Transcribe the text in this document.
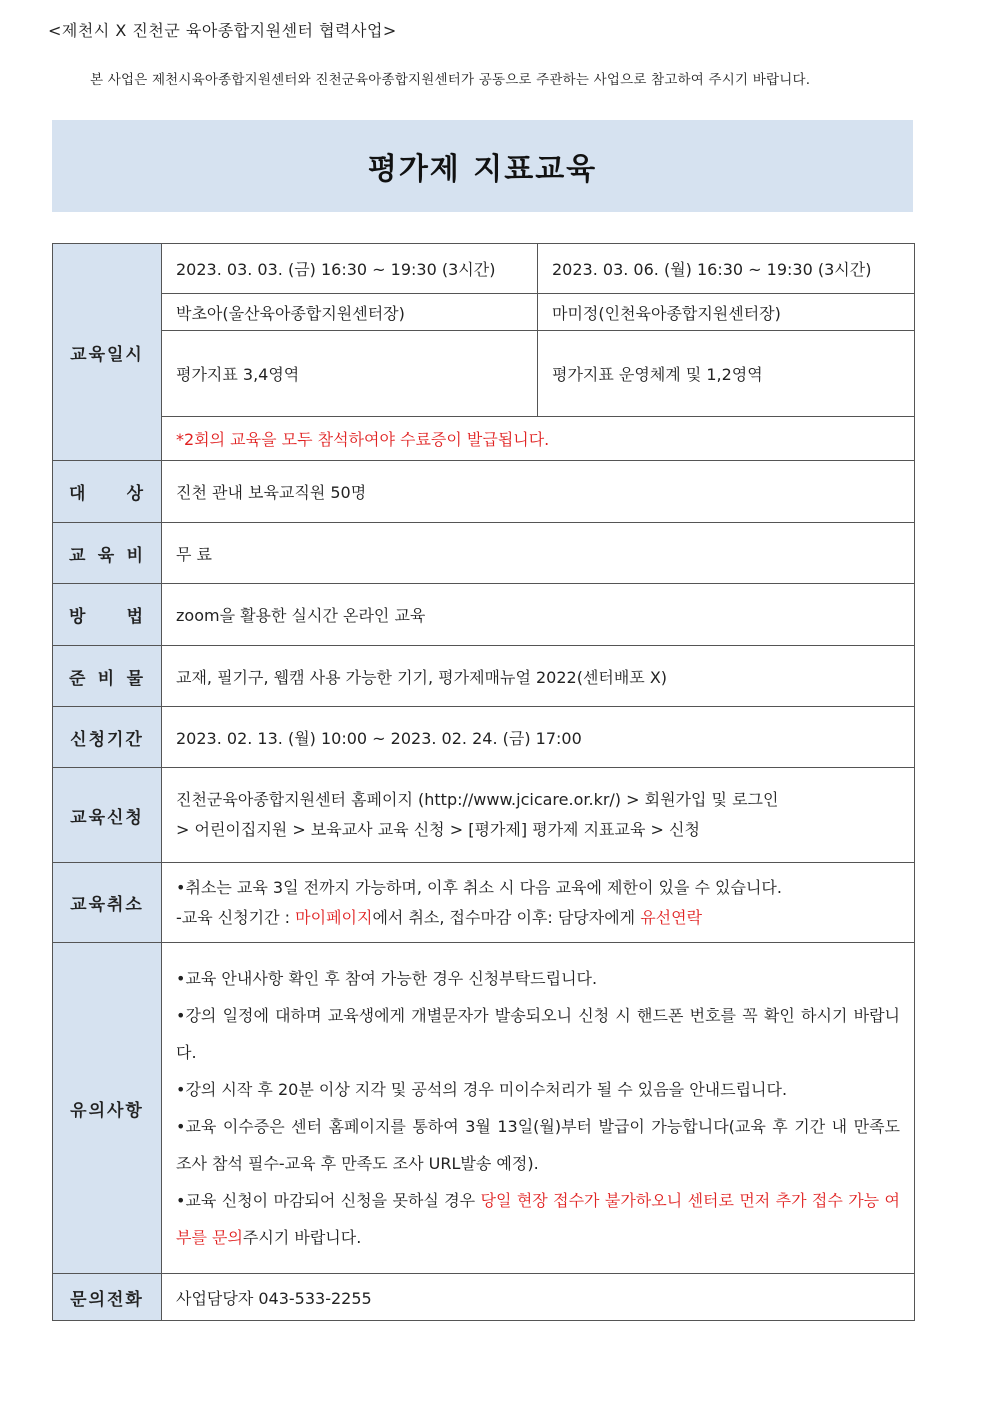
<제천시 X 진천군 육아종합지원센터 협력사업>
본 사업은 제천시육아종합지원센터와 진천군육아종합지원센터가 공동으로 주관하는 사업으로 참고하여 주시기 바랍니다.
평가제 지표교육
교육일시	2023. 03. 03. (금) 16:30 ~ 19:30 (3시간)	2023. 03. 06. (월) 16:30 ~ 19:30 (3시간)
	박초아(울산육아종합지원센터장)	마미정(인천육아종합지원센터장)
	평가지표 3,4영역	평가지표 운영체계 및 1,2영역
	*2회의 교육을 모두 참석하여야 수료증이 발급됩니다.	
대 상	진천 관내 보육교직원 50명	
교 육 비	무 료	
방 법	zoom을 활용한 실시간 온라인 교육	
준 비 물	교재, 필기구, 웹캠 사용 가능한 기기, 평가제매뉴얼 2022(센터배포 X)	
신청기간	2023. 02. 13. (월) 10:00 ~ 2023. 02. 24. (금) 17:00	
교육신청	진천군육아종합지원센터 홈페이지 (http://www.jcicare.or.kr/) > 회원가입 및 로그인
> 어린이집지원 > 보육교사 교육 신청 > [평가제] 평가제 지표교육 > 신청	

교육취소	•취소는 교육 3일 전까지 가능하며, 이후 취소 시 다음 교육에 제한이 있을 수 있습니다.
-교육 신청기간 : 마이페이지에서 취소, 접수마감 이후: 담당자에게 유선연락	

유의사항	•교육 안내사항 확인 후 참여 가능한 경우 신청부탁드립니다.
•강의 일정에 대하며 교육생에게 개별문자가 발송되오니 신청 시 핸드폰 번호를 꼭 확인 하시기 바랍니다.
•강의 시작 후 20분 이상 지각 및 공석의 경우 미이수처리가 될 수 있음을 안내드립니다.
•교육 이수증은 센터 홈페이지를 통하여 3월 13일(월)부터 발급이 가능합니다(교육 후 기간 내 만족도 조사 참석 필수-교육 후 만족도 조사 URL발송 예정).
•교육 신청이 마감되어 신청을 못하실 경우 당일 현장 접수가 불가하오니 센터로 먼저 추가 접수 가능 여부를 문의주시기 바랍니다.	

문의전화	사업담당자 043-533-2255	
